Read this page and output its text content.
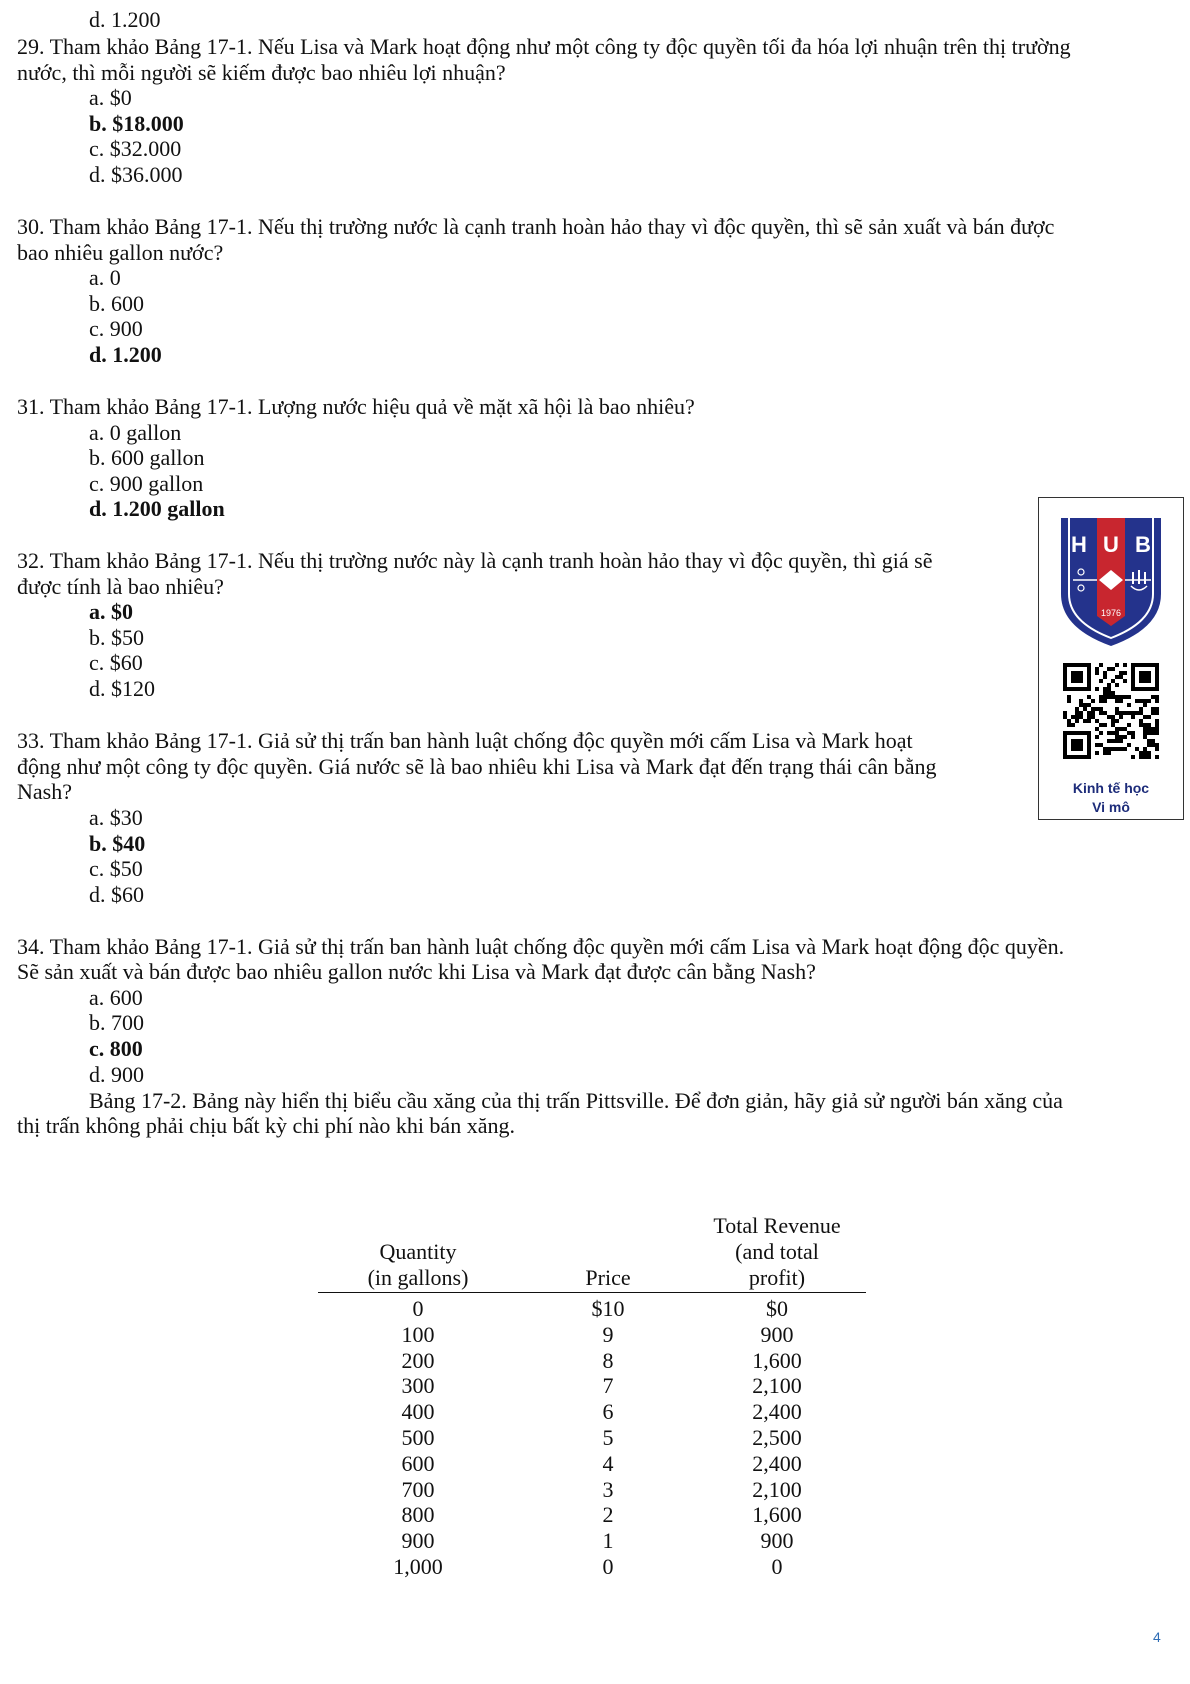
d. 1.200
29. Tham khảo Bảng 17-1. Nếu Lisa và Mark hoạt động như một công ty độc quyền tối đa hóa lợi nhuận trên thị trường
nước, thì mỗi người sẽ kiếm được bao nhiêu lợi nhuận?
a. $0
b. $18.000
c. $32.000
d. $36.000
30. Tham khảo Bảng 17-1. Nếu thị trường nước là cạnh tranh hoàn hảo thay vì độc quyền, thì sẽ sản xuất và bán được
bao nhiêu gallon nước?
a. 0
b. 600
c. 900
d. 1.200
31. Tham khảo Bảng 17-1. Lượng nước hiệu quả về mặt xã hội là bao nhiêu?
a. 0 gallon
b. 600 gallon
c. 900 gallon
d. 1.200 gallon
32. Tham khảo Bảng 17-1. Nếu thị trường nước này là cạnh tranh hoàn hảo thay vì độc quyền, thì giá sẽ
được tính là bao nhiêu?
a. $0
b. $50
c. $60
d. $120
33. Tham khảo Bảng 17-1. Giả sử thị trấn ban hành luật chống độc quyền mới cấm Lisa và Mark hoạt
động như một công ty độc quyền. Giá nước sẽ là bao nhiêu khi Lisa và Mark đạt đến trạng thái cân bằng
Nash?
a. $30
b. $40
c. $50
d. $60
34. Tham khảo Bảng 17-1. Giả sử thị trấn ban hành luật chống độc quyền mới cấm Lisa và Mark hoạt động độc quyền.
Sẽ sản xuất và bán được bao nhiêu gallon nước khi Lisa và Mark đạt được cân bằng Nash?
a. 600
b. 700
c. 800
d. 900
Bảng 17-2. Bảng này hiển thị biểu cầu xăng của thị trấn Pittsville. Để đơn giản, hãy giả sử người bán xăng của
thị trấn không phải chịu bất kỳ chi phí nào khi bán xăng.
Quantity
(in gallons)	Price
Total Revenue
(and total
profit)
0	$10	$0
100	9	900
200	8	1,600
300	7	2,100
400	6	2,400
500	5	2,500
600	4	2,400
700	3	2,100
800	2	1,600
900	1	900
1,000	0	0
H U B
1976
Kinh tế học
Vi mô
4
